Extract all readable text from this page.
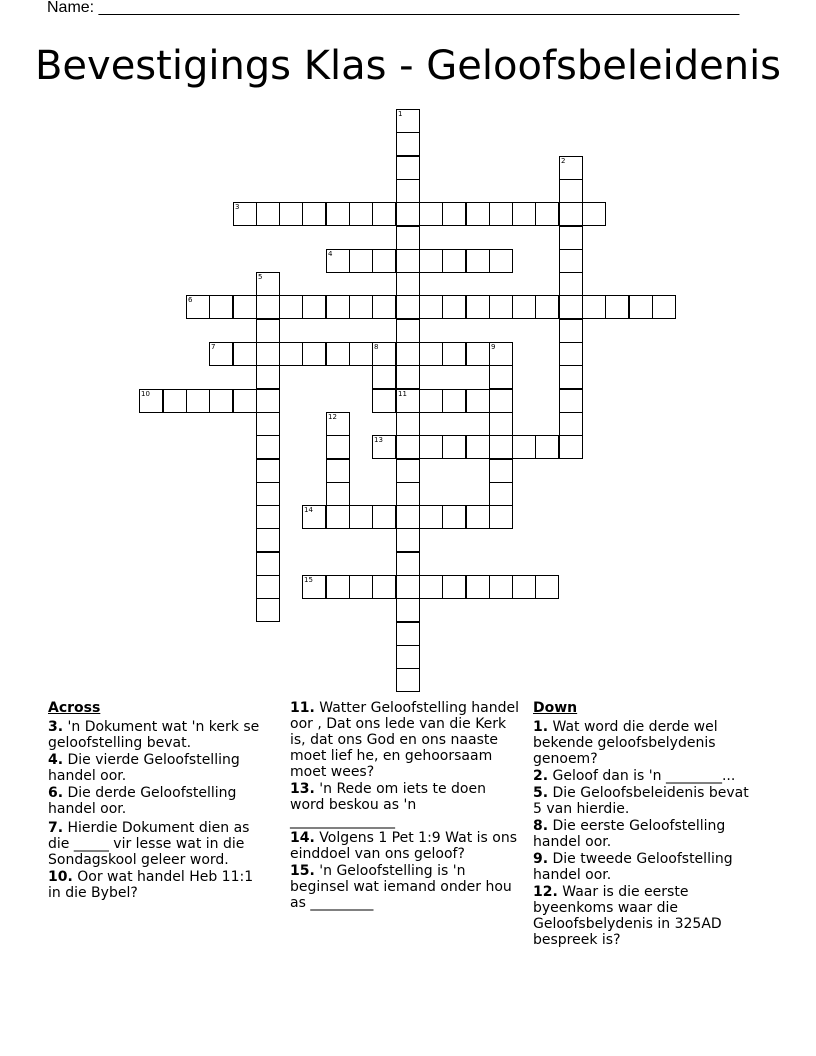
Name: ________________________________________________________________________
Bevestigings Klas - Geloofsbeleidenis
1
2
3
4
5
6
7	8	9
10	11
12
13
14
15
Across
3. 'n Dokument wat 'n kerk se geloofstelling bevat.
4. Die vierde Geloofstelling handel oor.
6. Die derde Geloofstelling handel oor.
7. Hierdie Dokument dien as die _____ vir lesse wat in die Sondagskool geleer word.
10. Oor wat handel Heb 11:1 in die Bybel?
11. Watter Geloofstelling handel oor , Dat ons lede van die Kerk is, dat ons God en ons naaste moet lief he, en gehoorsaam moet wees?
13. 'n Rede om iets te doen word beskou as 'n _______________
14. Volgens 1 Pet 1:9 Wat is ons einddoel van ons geloof?
15. 'n Geloofstelling is 'n beginsel wat iemand onder hou as _________
Down
1. Wat word die derde wel bekende geloofsbelydenis genoem?
2. Geloof dan is 'n ________...
5. Die Geloofsbeleidenis bevat 5 van hierdie.
8. Die eerste Geloofstelling handel oor.
9. Die tweede Geloofstelling handel oor.
12. Waar is die eerste byeenkoms waar die Geloofsbelydenis in 325AD bespreek is?
